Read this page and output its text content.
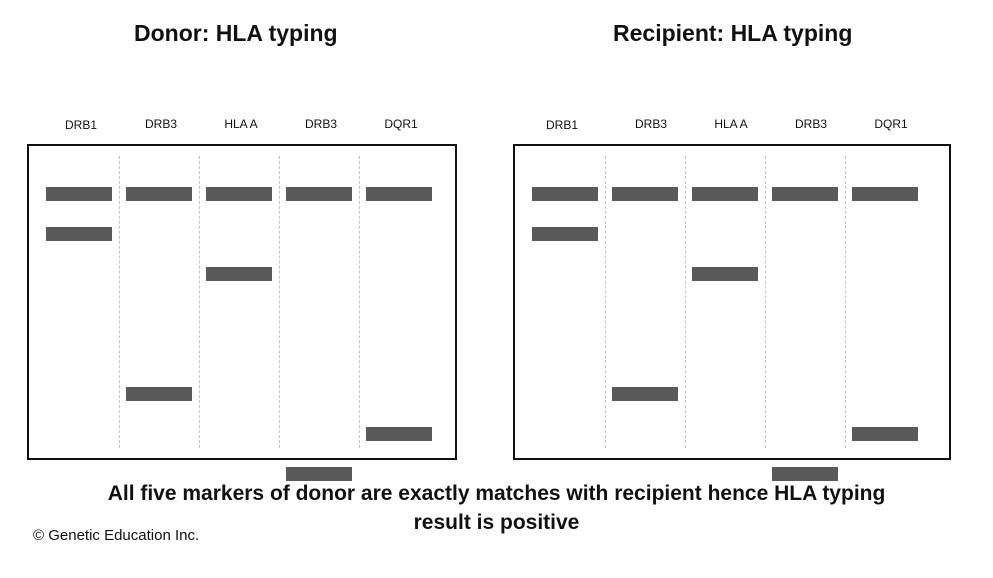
Donor: HLA typing	Recipient: HLA typing
DRB1	DRB3	HLA A	DRB3	DQR1	DRB1	DRB3	HLA A	DRB3	DQR1
All five markers of donor are exactly matches with recipient hence HLA typing
result is positive
© Genetic Education Inc.
